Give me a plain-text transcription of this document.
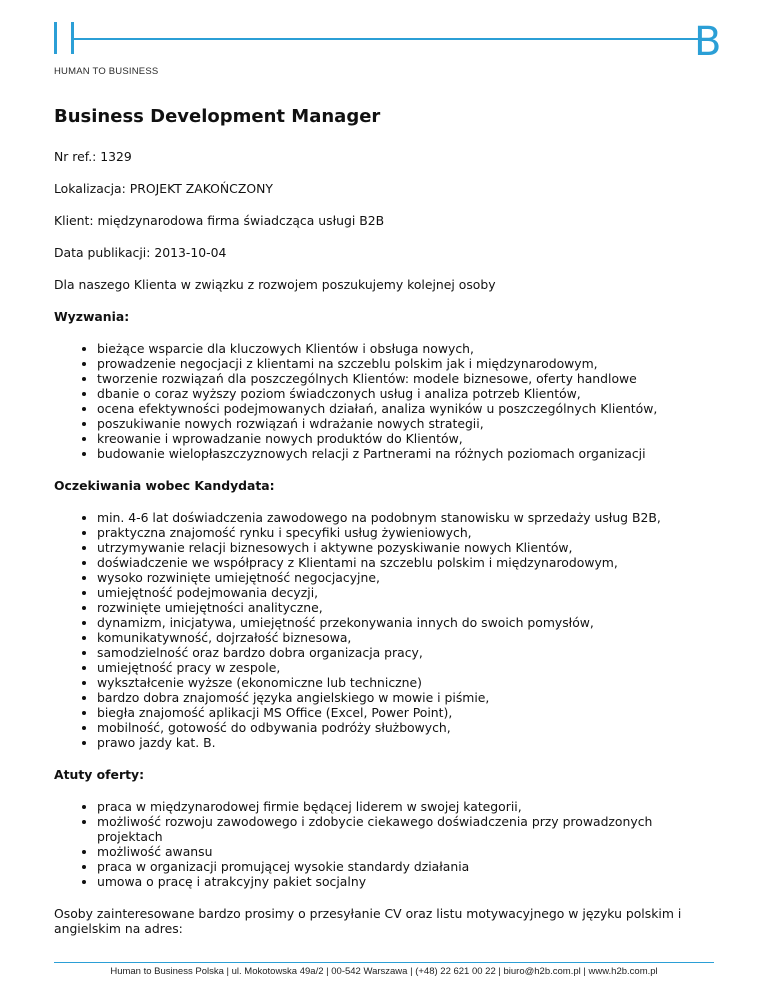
B
HUMAN TO BUSINESS
Business Development Manager
Nr ref.: 1329
Lokalizacja: PROJEKT ZAKOŃCZONY
Klient: międzynarodowa firma świadcząca usługi B2B
Data publikacji: 2013-10-04
Dla naszego Klienta w związku z rozwojem poszukujemy kolejnej osoby
Wyzwania:
• bieżące wsparcie dla kluczowych Klientów i obsługa nowych,
• prowadzenie negocjacji z klientami na szczeblu polskim jak i międzynarodowym,
• tworzenie rozwiązań dla poszczególnych Klientów: modele biznesowe, oferty handlowe
• dbanie o coraz wyższy poziom świadczonych usług i analiza potrzeb Klientów,
• ocena efektywności podejmowanych działań, analiza wyników u poszczególnych Klientów,
• poszukiwanie nowych rozwiązań i wdrażanie nowych strategii,
• kreowanie i wprowadzanie nowych produktów do Klientów,
• budowanie wielopłaszczyznowych relacji z Partnerami na różnych poziomach organizacji
Oczekiwania wobec Kandydata:
• min. 4-6 lat doświadczenia zawodowego na podobnym stanowisku w sprzedaży usług B2B,
• praktyczna znajomość rynku i specyfiki usług żywieniowych,
• utrzymywanie relacji biznesowych i aktywne pozyskiwanie nowych Klientów,
• doświadczenie we współpracy z Klientami na szczeblu polskim i międzynarodowym,
• wysoko rozwinięte umiejętność negocjacyjne,
• umiejętność podejmowania decyzji,
• rozwinięte umiejętności analityczne,
• dynamizm, inicjatywa, umiejętność przekonywania innych do swoich pomysłów,
• komunikatywność, dojrzałość biznesowa,
• samodzielność oraz bardzo dobra organizacja pracy,
• umiejętność pracy w zespole,
• wykształcenie wyższe (ekonomiczne lub techniczne)
• bardzo dobra znajomość języka angielskiego w mowie i piśmie,
• biegła znajomość aplikacji MS Office (Excel, Power Point),
• mobilność, gotowość do odbywania podróży służbowych,
• prawo jazdy kat. B.
Atuty oferty:
• praca w międzynarodowej firmie będącej liderem w swojej kategorii,
• możliwość rozwoju zawodowego i zdobycie ciekawego doświadczenia przy prowadzonych projektach
• możliwość awansu
• praca w organizacji promującej wysokie standardy działania
• umowa o pracę i atrakcyjny pakiet socjalny
Osoby zainteresowane bardzo prosimy o przesyłanie CV oraz listu motywacyjnego w języku polskim i angielskim na adres:
Human to Business Polska | ul. Mokotowska 49a/2 | 00-542 Warszawa | (+48) 22 621 00 22 | biuro@h2b.com.pl | www.h2b.com.pl
